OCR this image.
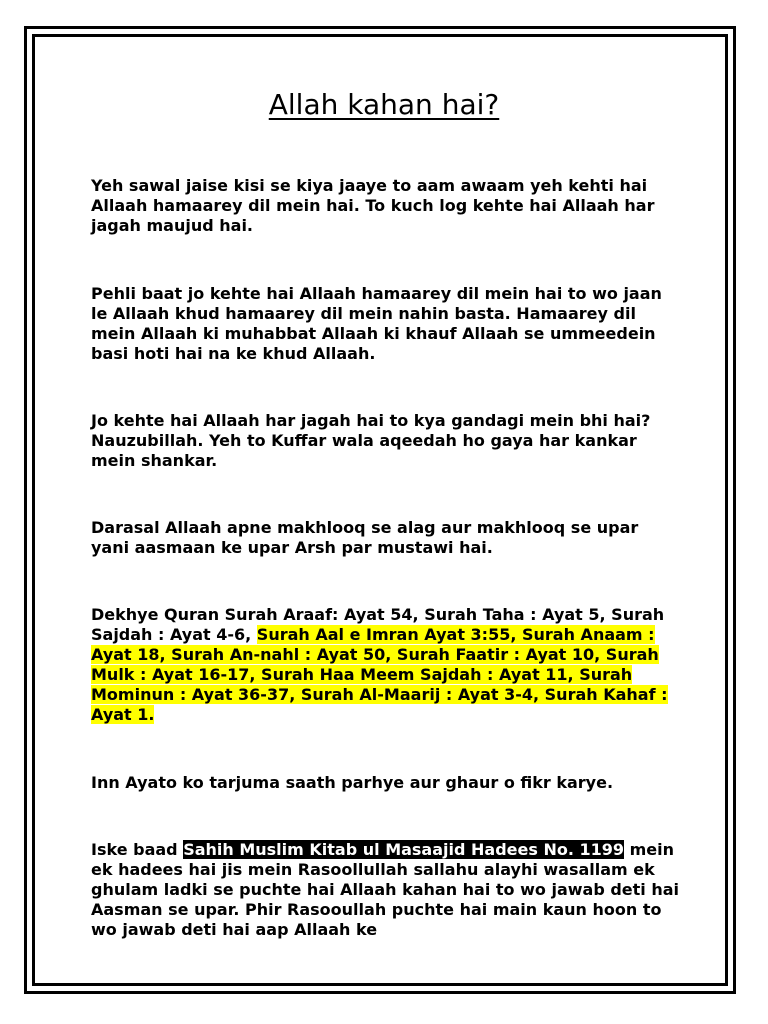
Allah kahan hai?

Yeh sawal jaise kisi se kiya jaaye to aam awaam yeh kehti hai Allaah hamaarey dil mein hai. To kuch log kehte hai Allaah har jagah maujud hai.

Pehli baat jo kehte hai Allaah hamaarey dil mein hai to wo jaan le Allaah khud hamaarey dil mein nahin basta. Hamaarey dil mein Allaah ki muhabbat Allaah ki khauf Allaah se ummeedein basi hoti hai na ke khud Allaah.

Jo kehte hai Allaah har jagah hai to kya gandagi mein bhi hai? Nauzubillah. Yeh to Kuffar wala aqeedah ho gaya har kankar mein shankar.

Darasal Allaah apne makhlooq se alag aur makhlooq se upar yani aasmaan ke upar Arsh par mustawi hai.

Dekhye Quran Surah Araaf: Ayat 54, Surah Taha : Ayat 5, Surah Sajdah : Ayat 4-6, Surah Aal e Imran Ayat 3:55, Surah Anaam : Ayat 18, Surah An-nahl : Ayat 50, Surah Faatir : Ayat 10, Surah Mulk : Ayat 16-17, Surah Haa Meem Sajdah : Ayat 11, Surah Mominun : Ayat 36-37, Surah Al-Maarij : Ayat 3-4, Surah Kahaf : Ayat 1.

Inn Ayato ko tarjuma saath parhye aur ghaur o fikr karye.

Iske baad Sahih Muslim Kitab ul Masaajid Hadees No. 1199 mein ek hadees hai jis mein Rasoollullah sallahu alayhi wasallam ek ghulam ladki se puchte hai Allaah kahan hai to wo jawab deti hai Aasman se upar. Phir Rasooullah puchte hai main kaun hoon to wo jawab deti hai aap Allaah ke
